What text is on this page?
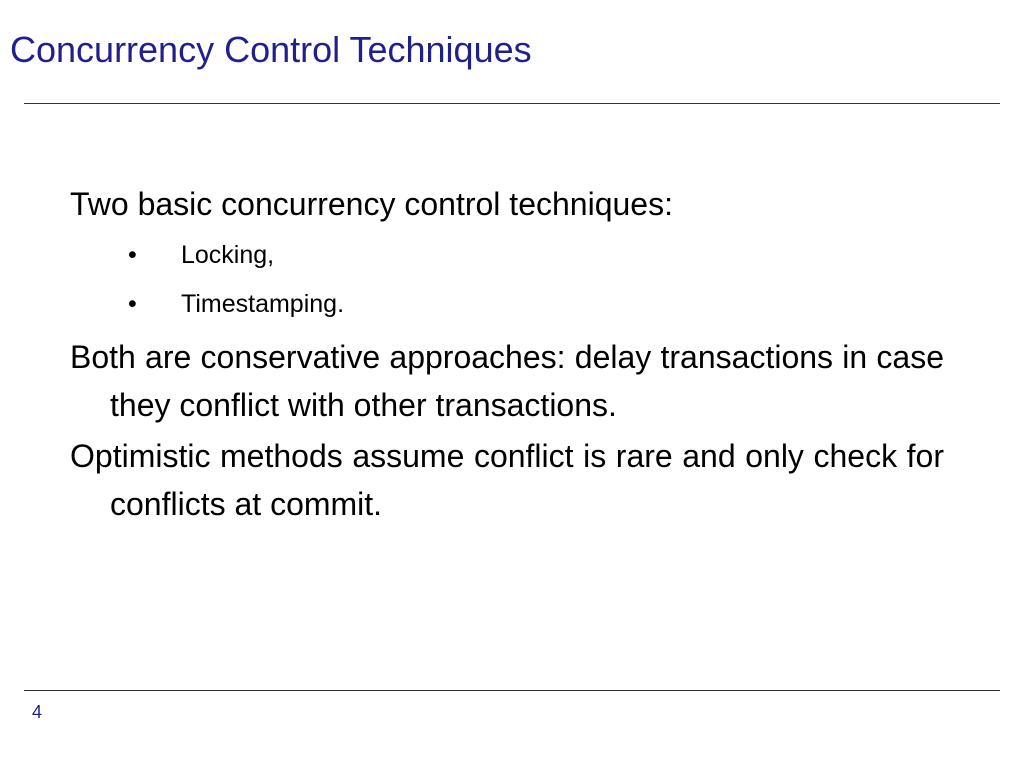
Concurrency Control Techniques

Two basic concurrency control techniques:

• Locking,
• Timestamping.

Both are conservative approaches: delay transactions in case they conflict with other transactions.

Optimistic methods assume conflict is rare and only check for conflicts at commit.

4
